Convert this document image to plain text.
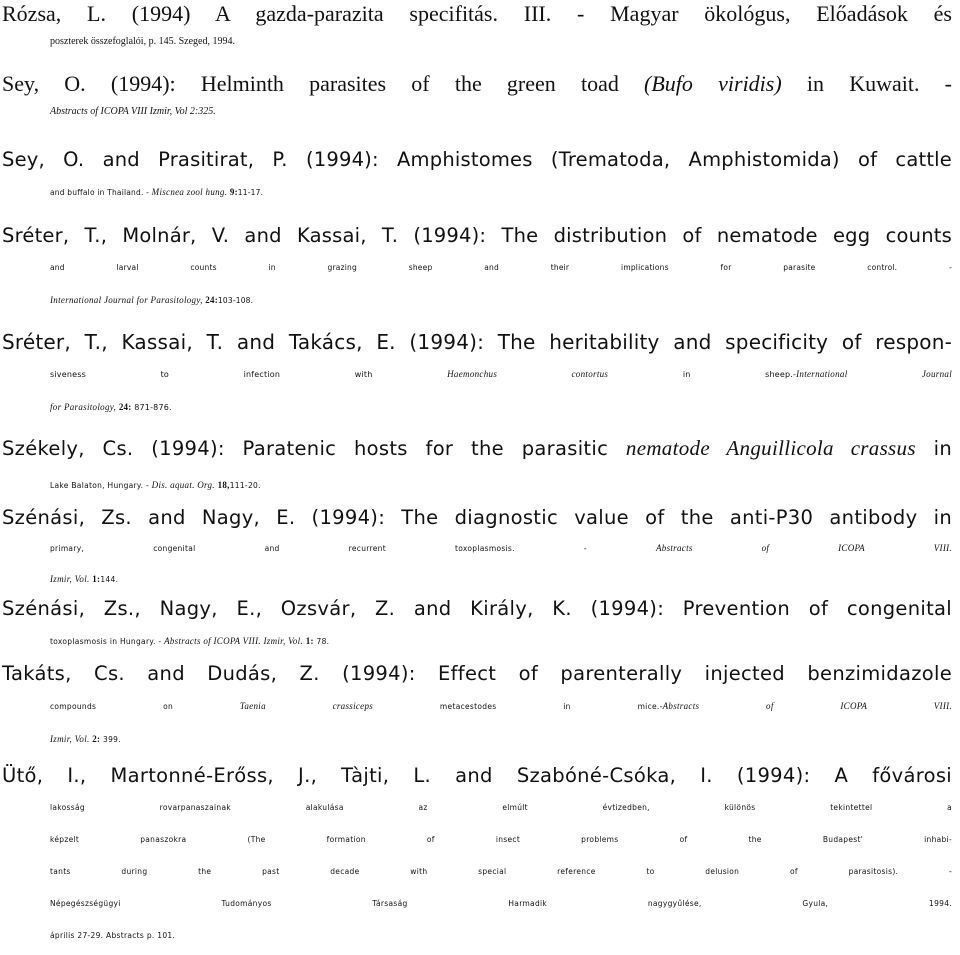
Rózsa, L. (1994) A gazda-parazita specifitás. III. - Magyar ökológus, Előadások és
poszterek összefoglalói, p. 145. Szeged, 1994.

Sey, O. (1994): Helminth parasites of the green toad (Bufo viridis) in Kuwait. -
Abstracts of ICOPA VIII Izmir, Vol 2:325.

Sey, O. and Prasitirat, P. (1994): Amphistomes (Trematoda, Amphistomida) of cattle
and buffalo in Thailand. - Miscnea zool hung. 9:11-17.

Sréter, T., Molnár, V. and Kassai, T. (1994): The distribution of nematode egg counts
and larval counts in grazing sheep and their implications for parasite control. -
International Journal for Parasitology, 24:103-108.

Sréter, T., Kassai, T. and Takács, E. (1994): The heritability and specificity of respon-
siveness to infection with Haemonchus contortus in sheep.-International Journal
for Parasitology, 24: 871-876.

Székely, Cs. (1994): Paratenic hosts for the parasitic nematode Anguillicola crassus in
Lake Balaton, Hungary. - Dis. aquat. Org. 18,111-20.

Szénási, Zs. and Nagy, E. (1994): The diagnostic value of the anti-P30 antibody in
primary, congenital and recurrent toxoplasmosis. - Abstracts of ICOPA VIII.
Izmir, Vol. 1:144.

Szénási, Zs., Nagy, E., Ozsvár, Z. and Király, K. (1994): Prevention of congenital
toxoplasmosis in Hungary. - Abstracts of ICOPA VIII. Izmir, Vol. 1: 78.

Takáts, Cs. and Dudás, Z. (1994): Effect of parenterally injected benzimidazole
compounds on Taenia crassiceps metacestodes in mice.-Abstracts of ICOPA VIII.
Izmir, Vol. 2: 399.

Ütő, I., Martonné-Erőss, J., Tàjti, L. and Szabóné-Csóka, I. (1994): A fővárosi
lakosság rovarpanaszainak alakulása az elmúlt évtizedben, különös tekintettel a
képzelt panaszokra (The formation of insect problems of the Budapest' inhabi-
tants during the past decade with special reference to delusion of parasitosis). -
Népegészségügyi Tudományos Társaság Harmadik nagygyűlése, Gyula, 1994.
április 27-29. Abstracts p. 101.
